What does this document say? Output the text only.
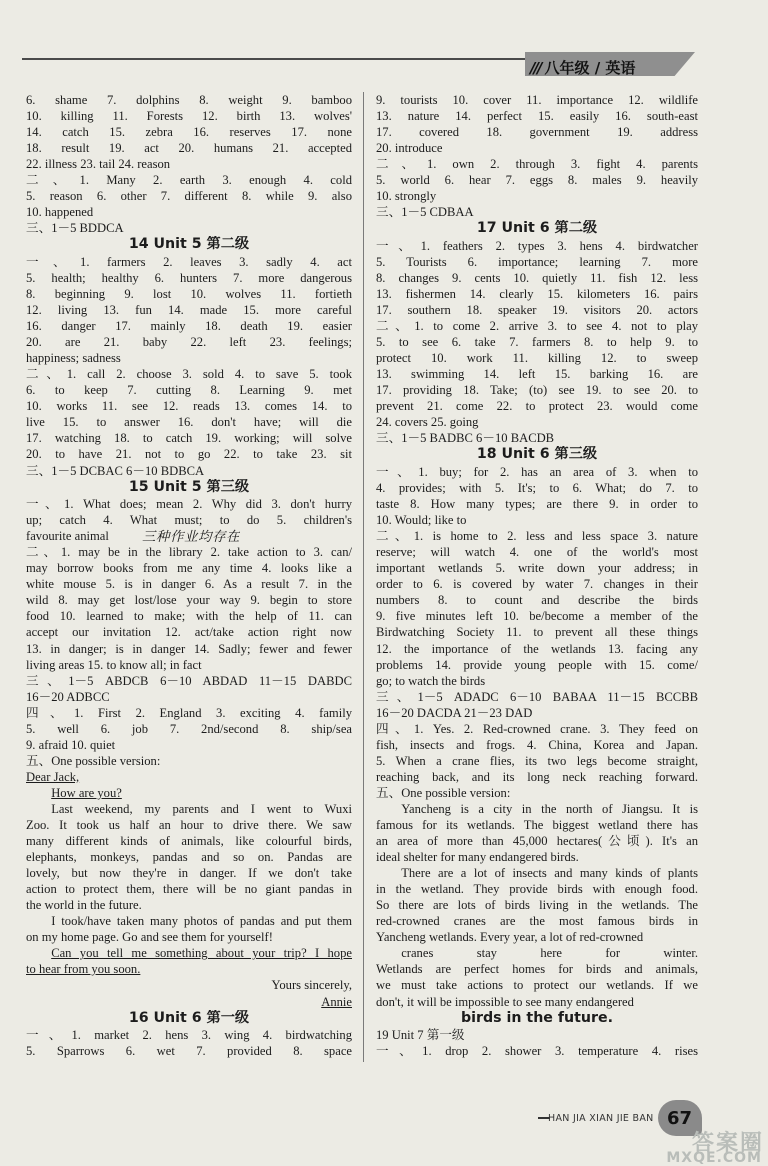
/// 八年级 / 英语
6. shame 7. dolphins 8. weight 9. bamboo
10. killing 11. Forests 12. birth 13. wolves'
14. catch 15. zebra 16. reserves 17. none
18. result 19. act 20. humans 21. accepted
22. illness 23. tail 24. reason
二、1. Many 2. earth 3. enough 4. cold
5. reason 6. other 7. different 8. while 9. also
10. happened
三、1－5 BDDCA
14 Unit 5 第二级
一、1. farmers 2. leaves 3. sadly 4. act
5. health; healthy 6. hunters 7. more dangerous
8. beginning 9. lost 10. wolves 11. fortieth
12. living 13. fun 14. made 15. more careful
16. danger 17. mainly 18. death 19. easier
20. are 21. baby 22. left 23. feelings;
happiness; sadness
二、1. call 2. choose 3. sold 4. to save 5. took
6. to keep 7. cutting 8. Learning 9. met
10. works 11. see 12. reads 13. comes 14. to
live 15. to answer 16. don't have; will die
17. watching 18. to catch 19. working; will solve
20. to have 21. not to go 22. to take 23. sit
三、1－5 DCBAC 6－10 BDBCA
15 Unit 5 第三级
一、1. What does; mean 2. Why did 3. don't hurry
up; catch 4. What must; to do 5. children's
favourite animal	三种作业均存在
二、1. may be in the library 2. take action to 3. can/
may borrow books from me any time 4. looks like a
white mouse 5. is in danger 6. As a result 7. in the
wild 8. may get lost/lose your way 9. begin to store
food 10. learned to make; with the help of 11. can
accept our invitation 12. act/take action right now
13. in danger; is in danger 14. Sadly; fewer and fewer
living areas 15. to know all; in fact
三、1－5 ABDCB 6－10 ABDAD 11－15 DABDC
16－20 ADBCC
四、1. First 2. England 3. exciting 4. family
5. well 6. job 7. 2nd/second 8. ship/sea
9. afraid 10. quiet
五、One possible version:
Dear Jack,
How are you?
Last weekend, my parents and I went to Wuxi
Zoo. It took us half an hour to drive there. We saw
many different kinds of animals, like colourful birds,
elephants, monkeys, pandas and so on. Pandas are
lovely, but now they're in danger. If we don't take
action to protect them, there will be no giant pandas in
the world in the future.
I took/have taken many photos of pandas and put them
on my home page. Go and see them for yourself!
Can you tell me something about your trip? I hope
to hear from you soon.
Yours sincerely,
Annie
16 Unit 6 第一级
一、1. market 2. hens 3. wing 4. birdwatching
5. Sparrows 6. wet 7. provided 8. space
9. tourists 10. cover 11. importance 12. wildlife
13. nature 14. perfect 15. easily 16. south-east
17. covered 18. government 19. address
20. introduce
二、1. own 2. through 3. fight 4. parents
5. world 6. hear 7. eggs 8. males 9. heavily
10. strongly
三、1－5 CDBAA
17 Unit 6 第二级
一、1. feathers 2. types 3. hens 4. birdwatcher
5. Tourists 6. importance; learning 7. more
8. changes 9. cents 10. quietly 11. fish 12. less
13. fishermen 14. clearly 15. kilometers 16. pairs
17. southern 18. speaker 19. visitors 20. actors
二、1. to come 2. arrive 3. to see 4. not to play
5. to see 6. take 7. farmers 8. to help 9. to
protect 10. work 11. killing 12. to sweep
13. swimming 14. left 15. barking 16. are
17. providing 18. Take; (to) see 19. to see 20. to
prevent 21. come 22. to protect 23. would come
24. covers 25. going
三、1－5 BADBC 6－10 BACDB
18 Unit 6 第三级
一、1. buy; for 2. has an area of 3. when to
4. provides; with 5. It's; to 6. What; do 7. to
taste 8. How many types; are there 9. in order to
10. Would; like to
二、1. is home to 2. less and less space 3. nature
reserve; will watch 4. one of the world's most
important wetlands 5. write down your address; in
order to 6. is covered by water 7. changes in their
numbers 8. to count and describe the birds
9. five minutes left 10. be/become a member of the
Birdwatching Society 11. to prevent all these things
12. the importance of the wetlands 13. facing any
problems 14. provide young people with 15. come/
go; to watch the birds
三、1－5 ADADC 6－10 BABAA 11－15 BCCBB
16－20 DACDA 21－23 DAD
四、1. Yes. 2. Red-crowned crane. 3. They feed on
fish, insects and frogs. 4. China, Korea and Japan.
5. When a crane flies, its two legs become straight,
reaching back, and its long neck reaching forward.
五、One possible version:
Yancheng is a city in the north of Jiangsu. It is
famous for its wetlands. The biggest wetland there has
an area of more than 45,000 hectares(公顷). It's an
ideal shelter for many endangered birds.
There are a lot of insects and many kinds of plants
in the wetland. They provide birds with enough food.
So there are lots of birds living in the wetlands. The
red-crowned cranes are the most famous birds in
Yancheng wetlands. Every year, a lot of red-crowned
cranes stay here for winter.
Wetlands are perfect homes for birds and animals,
we must take actions to protect our wetlands. If we
don't, it will be impossible to see many endangered
birds in the future.
19 Unit 7 第一级
一、1. drop 2. shower 3. temperature 4. rises
HAN JIA XIAN JIE BAN 67
答案圈
MXQE.COM
